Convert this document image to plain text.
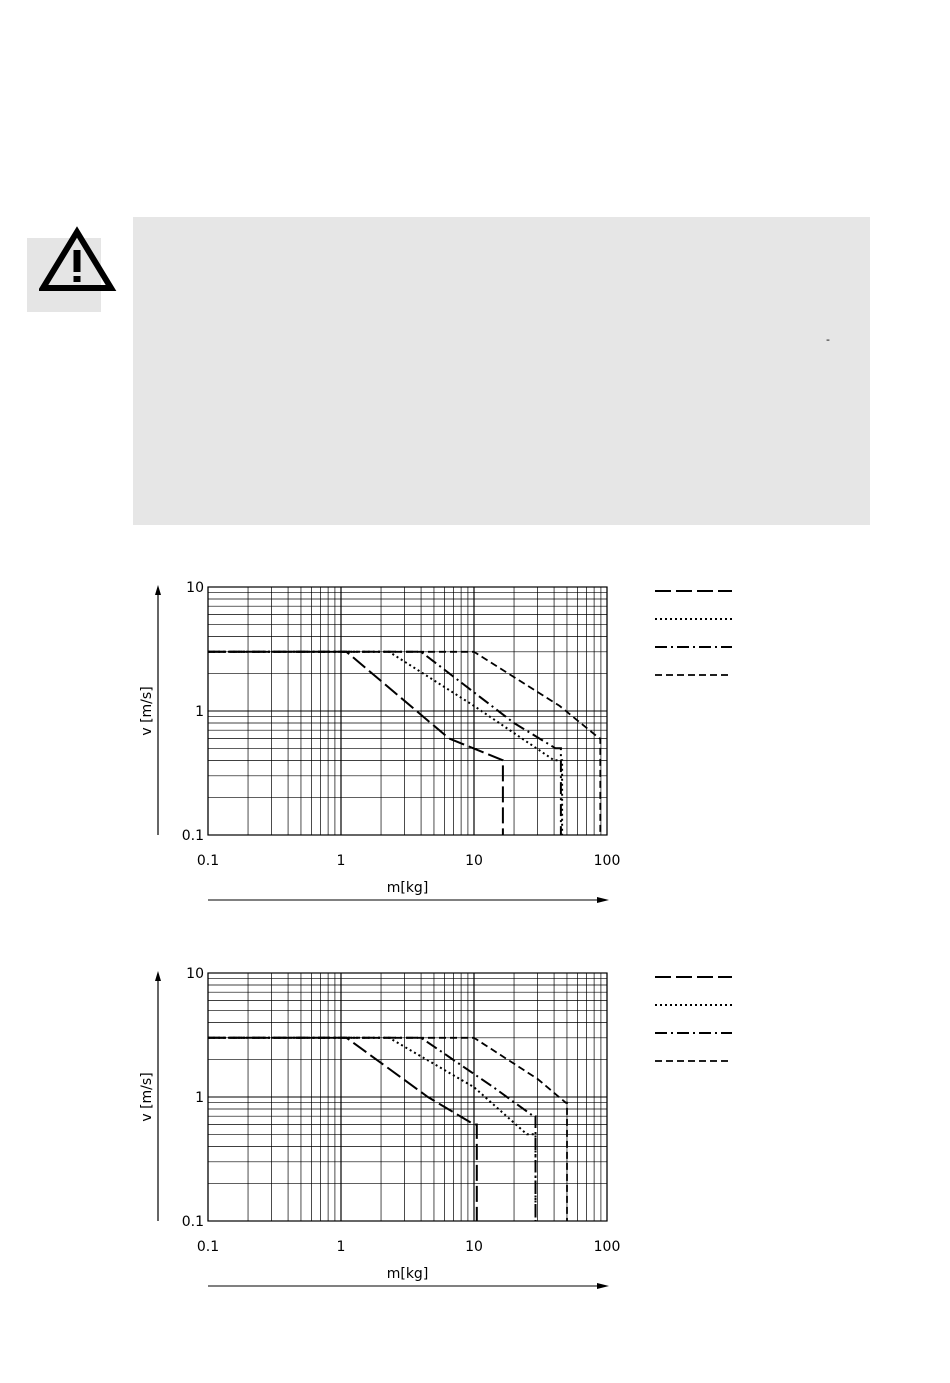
-
0.1	1	10	100
0.1
1
10
v [m/s]
m[kg]
0.1	1	10	100
0.1
1
10
v [m/s]
m[kg]
